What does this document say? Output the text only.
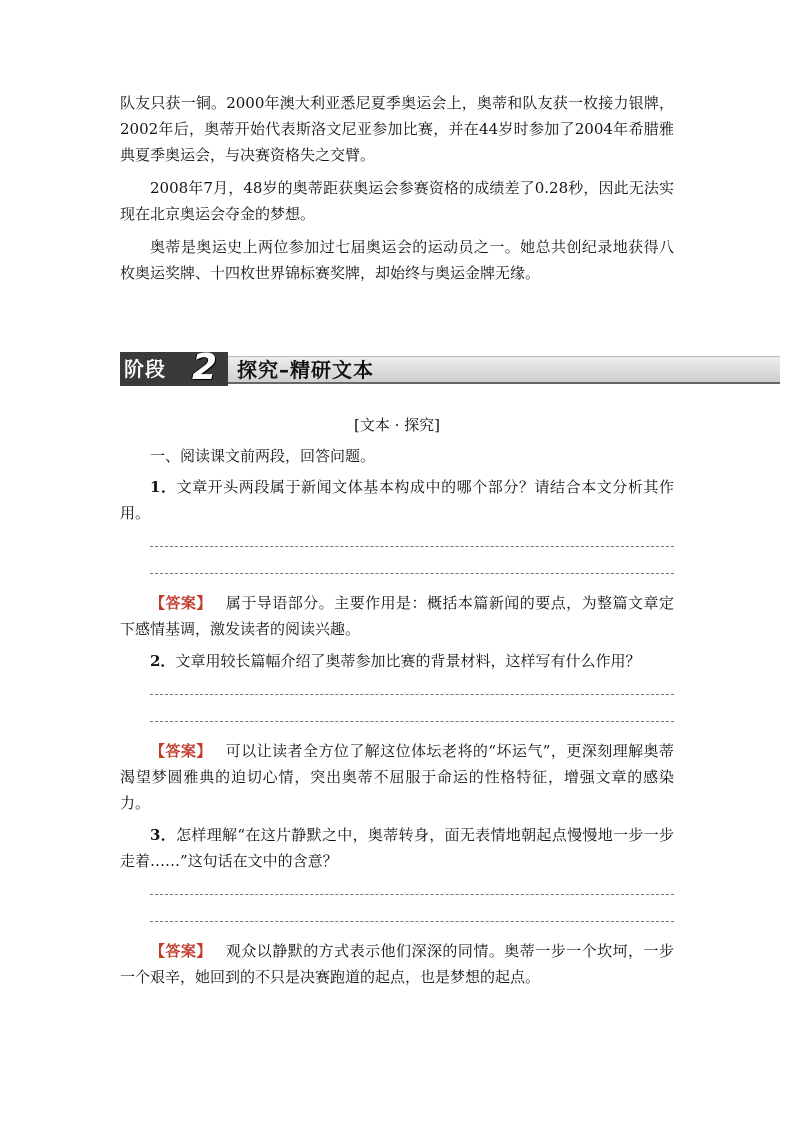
队友只获一铜。2000年澳大利亚悉尼夏季奥运会上，奥蒂和队友获一枚接力银牌，2002年后，奥蒂开始代表斯洛文尼亚参加比赛，并在44岁时参加了2004年希腊雅典夏季奥运会，与决赛资格失之交臂。

2008年7月，48岁的奥蒂距获奥运会参赛资格的成绩差了0.28秒，因此无法实现在北京奥运会夺金的梦想。

奥蒂是奥运史上两位参加过七届奥运会的运动员之一。她总共创纪录地获得八枚奥运奖牌、十四枚世界锦标赛奖牌，却始终与奥运金牌无缘。

阶段 2 探究–精研文本

[文本 · 探究]

一、阅读课文前两段，回答问题。

1．文章开头两段属于新闻文体基本构成中的哪个部分？请结合本文分析其作用。

【答案】 属于导语部分。主要作用是：概括本篇新闻的要点，为整篇文章定下感情基调，激发读者的阅读兴趣。

2．文章用较长篇幅介绍了奥蒂参加比赛的背景材料，这样写有什么作用？

【答案】 可以让读者全方位了解这位体坛老将的“坏运气”，更深刻理解奥蒂渴望梦圆雅典的迫切心情，突出奥蒂不屈服于命运的性格特征，增强文章的感染力。

3．怎样理解“在这片静默之中，奥蒂转身，面无表情地朝起点慢慢地一步一步走着……”这句话在文中的含意？

【答案】 观众以静默的方式表示他们深深的同情。奥蒂一步一个坎坷，一步一个艰辛，她回到的不只是决赛跑道的起点，也是梦想的起点。
